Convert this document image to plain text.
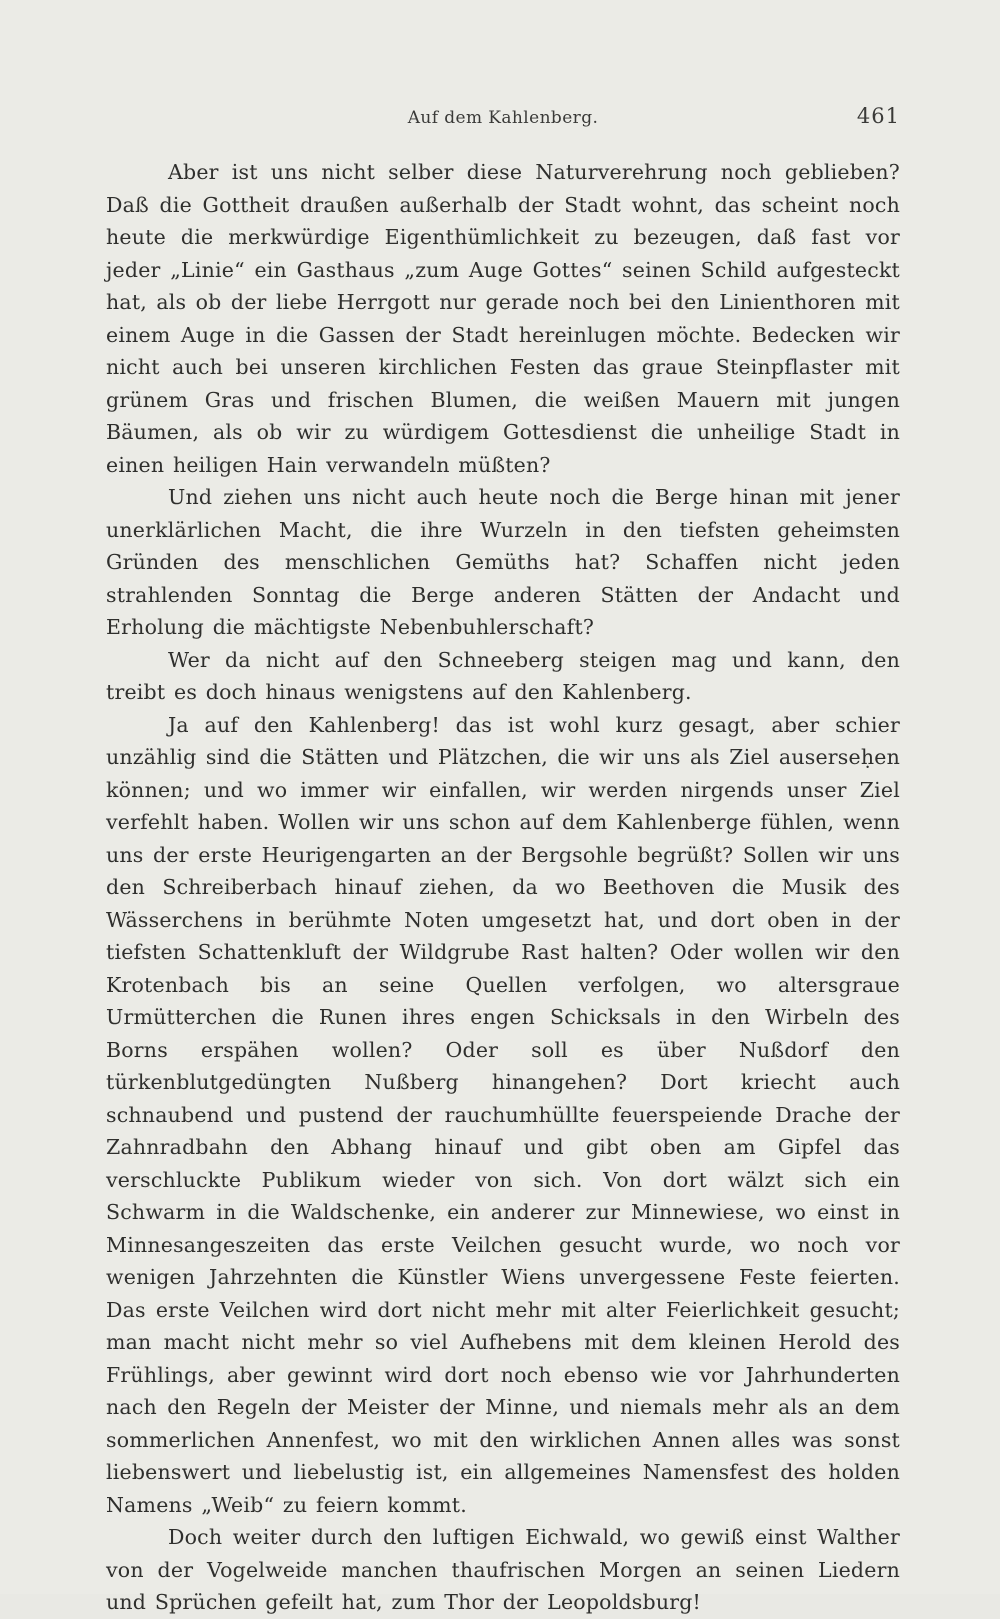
Auf dem Kahlenberg.	461

Aber ist uns nicht selber diese Naturverehrung noch geblieben? Daß die Gottheit draußen außerhalb der Stadt wohnt, das scheint noch heute die merkwürdige Eigenthümlichkeit zu bezeugen, daß fast vor jeder „Linie“ ein Gasthaus „zum Auge Gottes“ seinen Schild aufgesteckt hat, als ob der liebe Herrgott nur gerade noch bei den Linienthoren mit einem Auge in die Gassen der Stadt hereinlugen möchte. Bedecken wir nicht auch bei unseren kirchlichen Festen das graue Steinpflaster mit grünem Gras und frischen Blumen, die weißen Mauern mit jungen Bäumen, als ob wir zu würdigem Gottesdienst die unheilige Stadt in einen heiligen Hain verwandeln müßten?

Und ziehen uns nicht auch heute noch die Berge hinan mit jener unerklärlichen Macht, die ihre Wurzeln in den tiefsten geheimsten Gründen des menschlichen Gemüths hat? Schaffen nicht jeden strahlenden Sonntag die Berge anderen Stätten der Andacht und Erholung die mächtigste Nebenbuhlerschaft?

Wer da nicht auf den Schneeberg steigen mag und kann, den treibt es doch hinaus wenigstens auf den Kahlenberg.

Ja auf den Kahlenberg! das ist wohl kurz gesagt, aber schier unzählig sind die Stätten und Plätzchen, die wir uns als Ziel auserseḥen können; und wo immer wir einfallen, wir werden nirgends unser Ziel verfehlt haben. Wollen wir uns schon auf dem Kahlenberge fühlen, wenn uns der erste Heurigengarten an der Bergsohle begrüßt? Sollen wir uns den Schreiberbach hinauf ziehen, da wo Beethoven die Musik des Wässerchens in berühmte Noten umgesetzt hat, und dort oben in der tiefsten Schattenkluft der Wildgrube Rast halten? Oder wollen wir den Krotenbach bis an seine Quellen verfolgen, wo altersgraue Urmütterchen die Runen ihres engen Schicksals in den Wirbeln des Borns erspähen wollen? Oder soll es über Nußdorf den türkenblutgedüngten Nußberg hinangehen? Dort kriecht auch schnaubend und pustend der rauchumhüllte feuerspeiende Drache der Zahnradbahn den Abhang hinauf und gibt oben am Gipfel das verschluckte Publikum wieder von sich. Von dort wälzt sich ein Schwarm in die Waldschenke, ein anderer zur Minnewiese, wo einst in Minnesangeszeiten das erste Veilchen gesucht wurde, wo noch vor wenigen Jahrzehnten die Künstler Wiens unvergessene Feste feierten. Das erste Veilchen wird dort nicht mehr mit alter Feierlichkeit gesucht; man macht nicht mehr so viel Aufhebens mit dem kleinen Herold des Frühlings, aber gewinnt wird dort noch ebenso wie vor Jahrhunderten nach den Regeln der Meister der Minne, und niemals mehr als an dem sommerlichen Annenfest, wo mit den wirklichen Annen alles was sonst liebenswert und liebelustig ist, ein allgemeines Namensfest des holden Namens „Weib“ zu feiern kommt.

Doch weiter durch den luftigen Eichwald, wo gewiß einst Walther von der Vogelweide manchen thaufrischen Morgen an seinen Liedern und Sprüchen gefeilt hat, zum Thor der Leopoldsburg!
